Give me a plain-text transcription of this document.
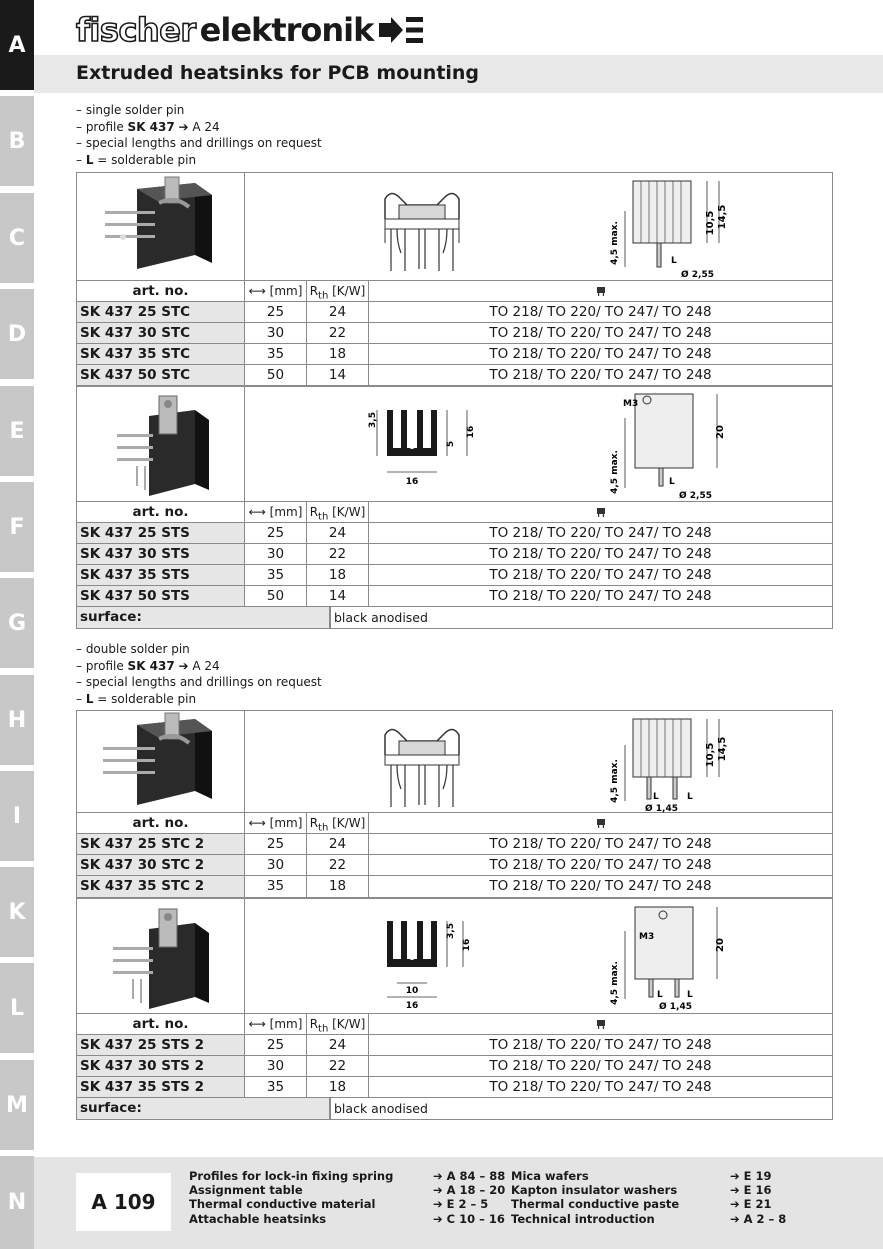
A
B
C
D
E
F
G
H
I
K
L
M
N
fischer elektronik
Extruded heatsinks for PCB mounting
– single solder pin
– profile SK 437 ➔ A 24
– special lengths and drillings on request
– L = solderable pin
10,5 14,5
4,5 max.	L
Ø 2,55
art. no.	⟷ [mm] $R_{th}$ [K/W]
SK 437 25 STC	25	24	TO 218/ TO 220/ TO 247/ TO 248
SK 437 30 STC	30	22	TO 218/ TO 220/ TO 247/ TO 248
SK 437 35 STC	35	18	TO 218/ TO 220/ TO 247/ TO 248
SK 437 50 STC	50	14	TO 218/ TO 220/ TO 247/ TO 248
3,5
5
16
16
M3
20
4,5 max.	L
Ø 2,55
art. no.	⟷ [mm] $R_{th}$ [K/W]
SK 437 25 STS	25	24	TO 218/ TO 220/ TO 247/ TO 248
SK 437 30 STS	30	22	TO 218/ TO 220/ TO 247/ TO 248
SK 437 35 STS	35	18	TO 218/ TO 220/ TO 247/ TO 248
SK 437 50 STS	50	14	TO 218/ TO 220/ TO 247/ TO 248
surface:	black anodised
– double solder pin
– profile SK 437 ➔ A 24
– special lengths and drillings on request
– L = solderable pin
10,5 14,5
4,5 max.	L	L
Ø 1,45
art. no.	⟷ [mm] $R_{th}$ [K/W]
SK 437 25 STC 2	25	24	TO 218/ TO 220/ TO 247/ TO 248
SK 437 30 STC 2	30	22	TO 218/ TO 220/ TO 247/ TO 248
SK 437 35 STC 2	35	18	TO 218/ TO 220/ TO 247/ TO 248
3,5
16
10
16
M3
20
4,5 max.	L	L
Ø 1,45
art. no.	⟷ [mm] $R_{th}$ [K/W]
SK 437 25 STS 2	25	24	TO 218/ TO 220/ TO 247/ TO 248
SK 437 30 STS 2	30	22	TO 218/ TO 220/ TO 247/ TO 248
SK 437 35 STS 2	35	18	TO 218/ TO 220/ TO 247/ TO 248
surface:	black anodised
A 109
Profiles for lock-in fixing spring	➔ A 84 – 88
Assignment table	➔ A 18 – 20
Thermal conductive material	➔ E 2 – 5
Attachable heatsinks	➔ C 10 – 16
Mica wafers	➔ E 19
Kapton insulator washers	➔ E 16
Thermal conductive paste	➔ E 21
Technical introduction	➔ A 2 – 8
